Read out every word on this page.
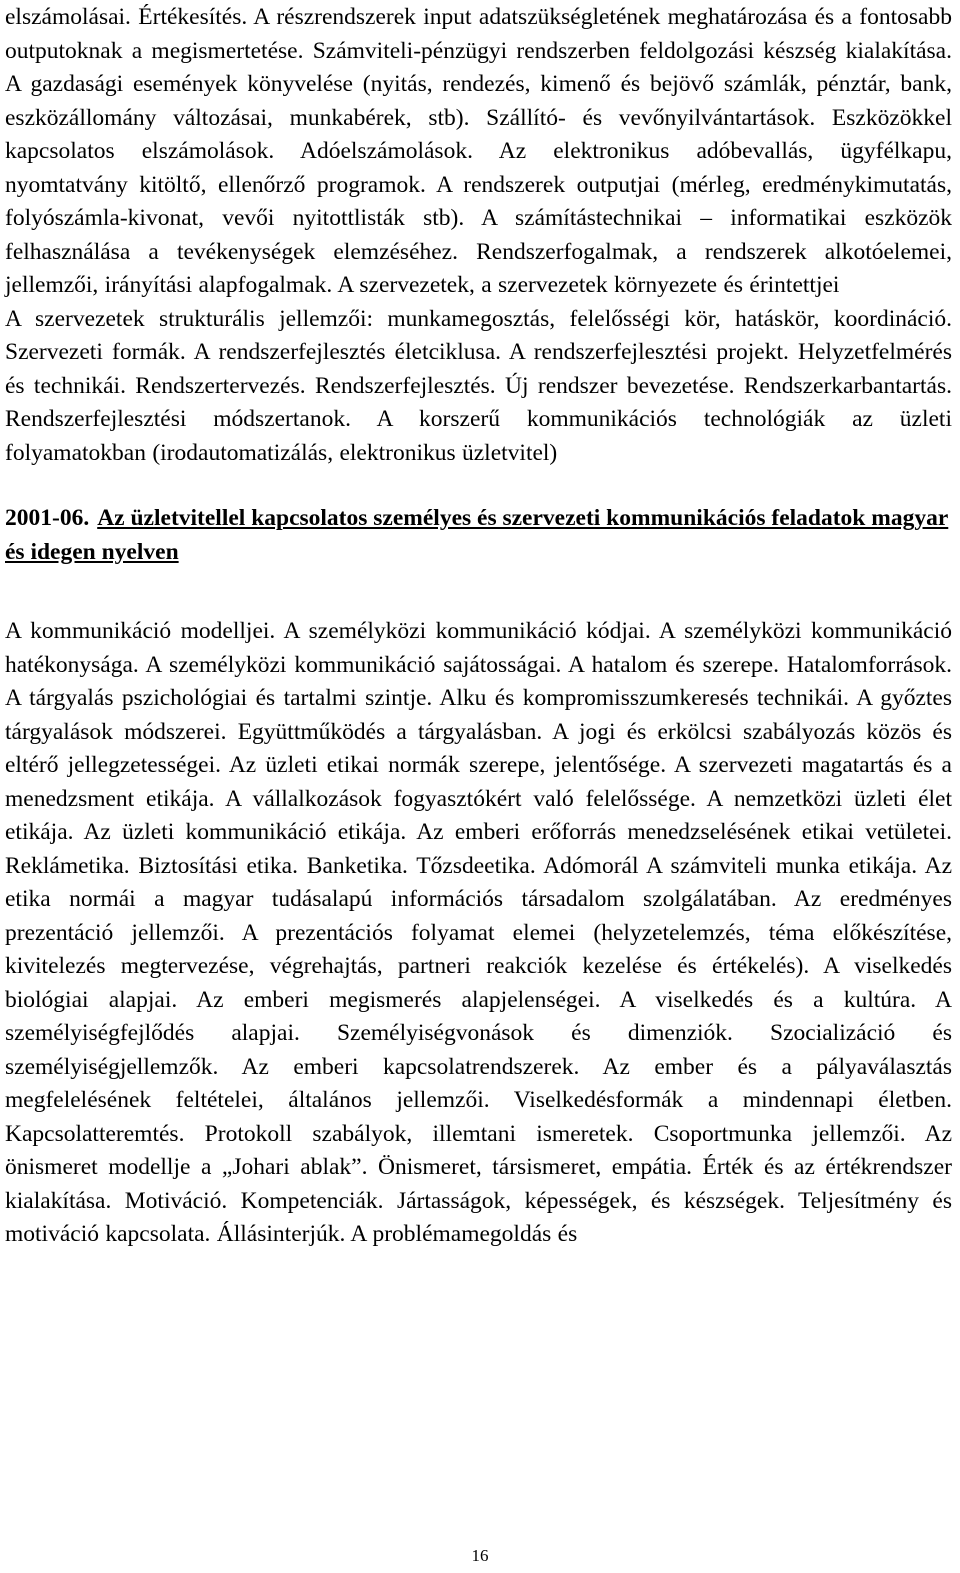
elszámolásai. Értékesítés. A részrendszerek input adatszükségletének meghatározása és a fontosabb outputoknak a megismertetése. Számviteli-pénzügyi rendszerben feldolgozási készség kialakítása. A gazdasági események könyvelése (nyitás, rendezés, kimenő és bejövő számlák, pénztár, bank, eszközállomány változásai, munkabérek, stb). Szállító- és vevőnyilvántartások. Eszközökkel kapcsolatos elszámolások. Adóelszámolások. Az elektronikus adóbevallás, ügyfélkapu, nyomtatvány kitöltő, ellenőrző programok. A rendszerek outputjai (mérleg, eredménykimutatás, folyószámla-kivonat, vevői nyitottlisták stb). A számítástechnikai – informatikai eszközök felhasználása a tevékenységek elemzéséhez. Rendszerfogalmak, a rendszerek alkotóelemei, jellemzői, irányítási alapfogalmak. A szervezetek, a szervezetek környezete és érintettjei

A szervezetek strukturális jellemzői: munkamegosztás, felelősségi kör, hatáskör, koordináció. Szervezeti formák. A rendszerfejlesztés életciklusa. A rendszerfejlesztési projekt. Helyzetfelmérés és technikái. Rendszertervezés. Rendszerfejlesztés. Új rendszer bevezetése. Rendszerkarbantartás. Rendszerfejlesztési módszertanok. A korszerű kommunikációs technológiák az üzleti folyamatokban (irodautomatizálás, elektronikus üzletvitel)

2001-06. Az üzletvitellel kapcsolatos személyes és szervezeti kommunikációs feladatok magyar és idegen nyelven

A kommunikáció modelljei. A személyközi kommunikáció kódjai. A személyközi kommunikáció hatékonysága. A személyközi kommunikáció sajátosságai. A hatalom és szerepe. Hatalomforrások. A tárgyalás pszichológiai és tartalmi szintje. Alku és kompromisszumkeresés technikái. A győztes tárgyalások módszerei. Együttműködés a tárgyalásban. A jogi és erkölcsi szabályozás közös és eltérő jellegzetességei. Az üzleti etikai normák szerepe, jelentősége. A szervezeti magatartás és a menedzsment etikája. A vállalkozások fogyasztókért való felelőssége. A nemzetközi üzleti élet etikája. Az üzleti kommunikáció etikája. Az emberi erőforrás menedzselésének etikai vetületei. Reklámetika. Biztosítási etika. Banketika. Tőzsdeetika. Adómorál A számviteli munka etikája. Az etika normái a magyar tudásalapú információs társadalom szolgálatában. Az eredményes prezentáció jellemzői. A prezentációs folyamat elemei (helyzetelemzés, téma előkészítése, kivitelezés megtervezése, végrehajtás, partneri reakciók kezelése és értékelés). A viselkedés biológiai alapjai. Az emberi megismerés alapjelenségei. A viselkedés és a kultúra. A személyiségfejlődés alapjai. Személyiségvonások és dimenziók. Szocializáció és személyiségjellemzők. Az emberi kapcsolatrendszerek. Az ember és a pályaválasztás megfelelésének feltételei, általános jellemzői. Viselkedésformák a mindennapi életben. Kapcsolatteremtés. Protokoll szabályok, illemtani ismeretek. Csoportmunka jellemzői. Az önismeret modellje a „Johari ablak”. Önismeret, társismeret, empátia. Érték és az értékrendszer kialakítása. Motiváció. Kompetenciák. Jártasságok, képességek, és készségek. Teljesítmény és motiváció kapcsolata. Állásinterjúk. A problémamegoldás és

16
